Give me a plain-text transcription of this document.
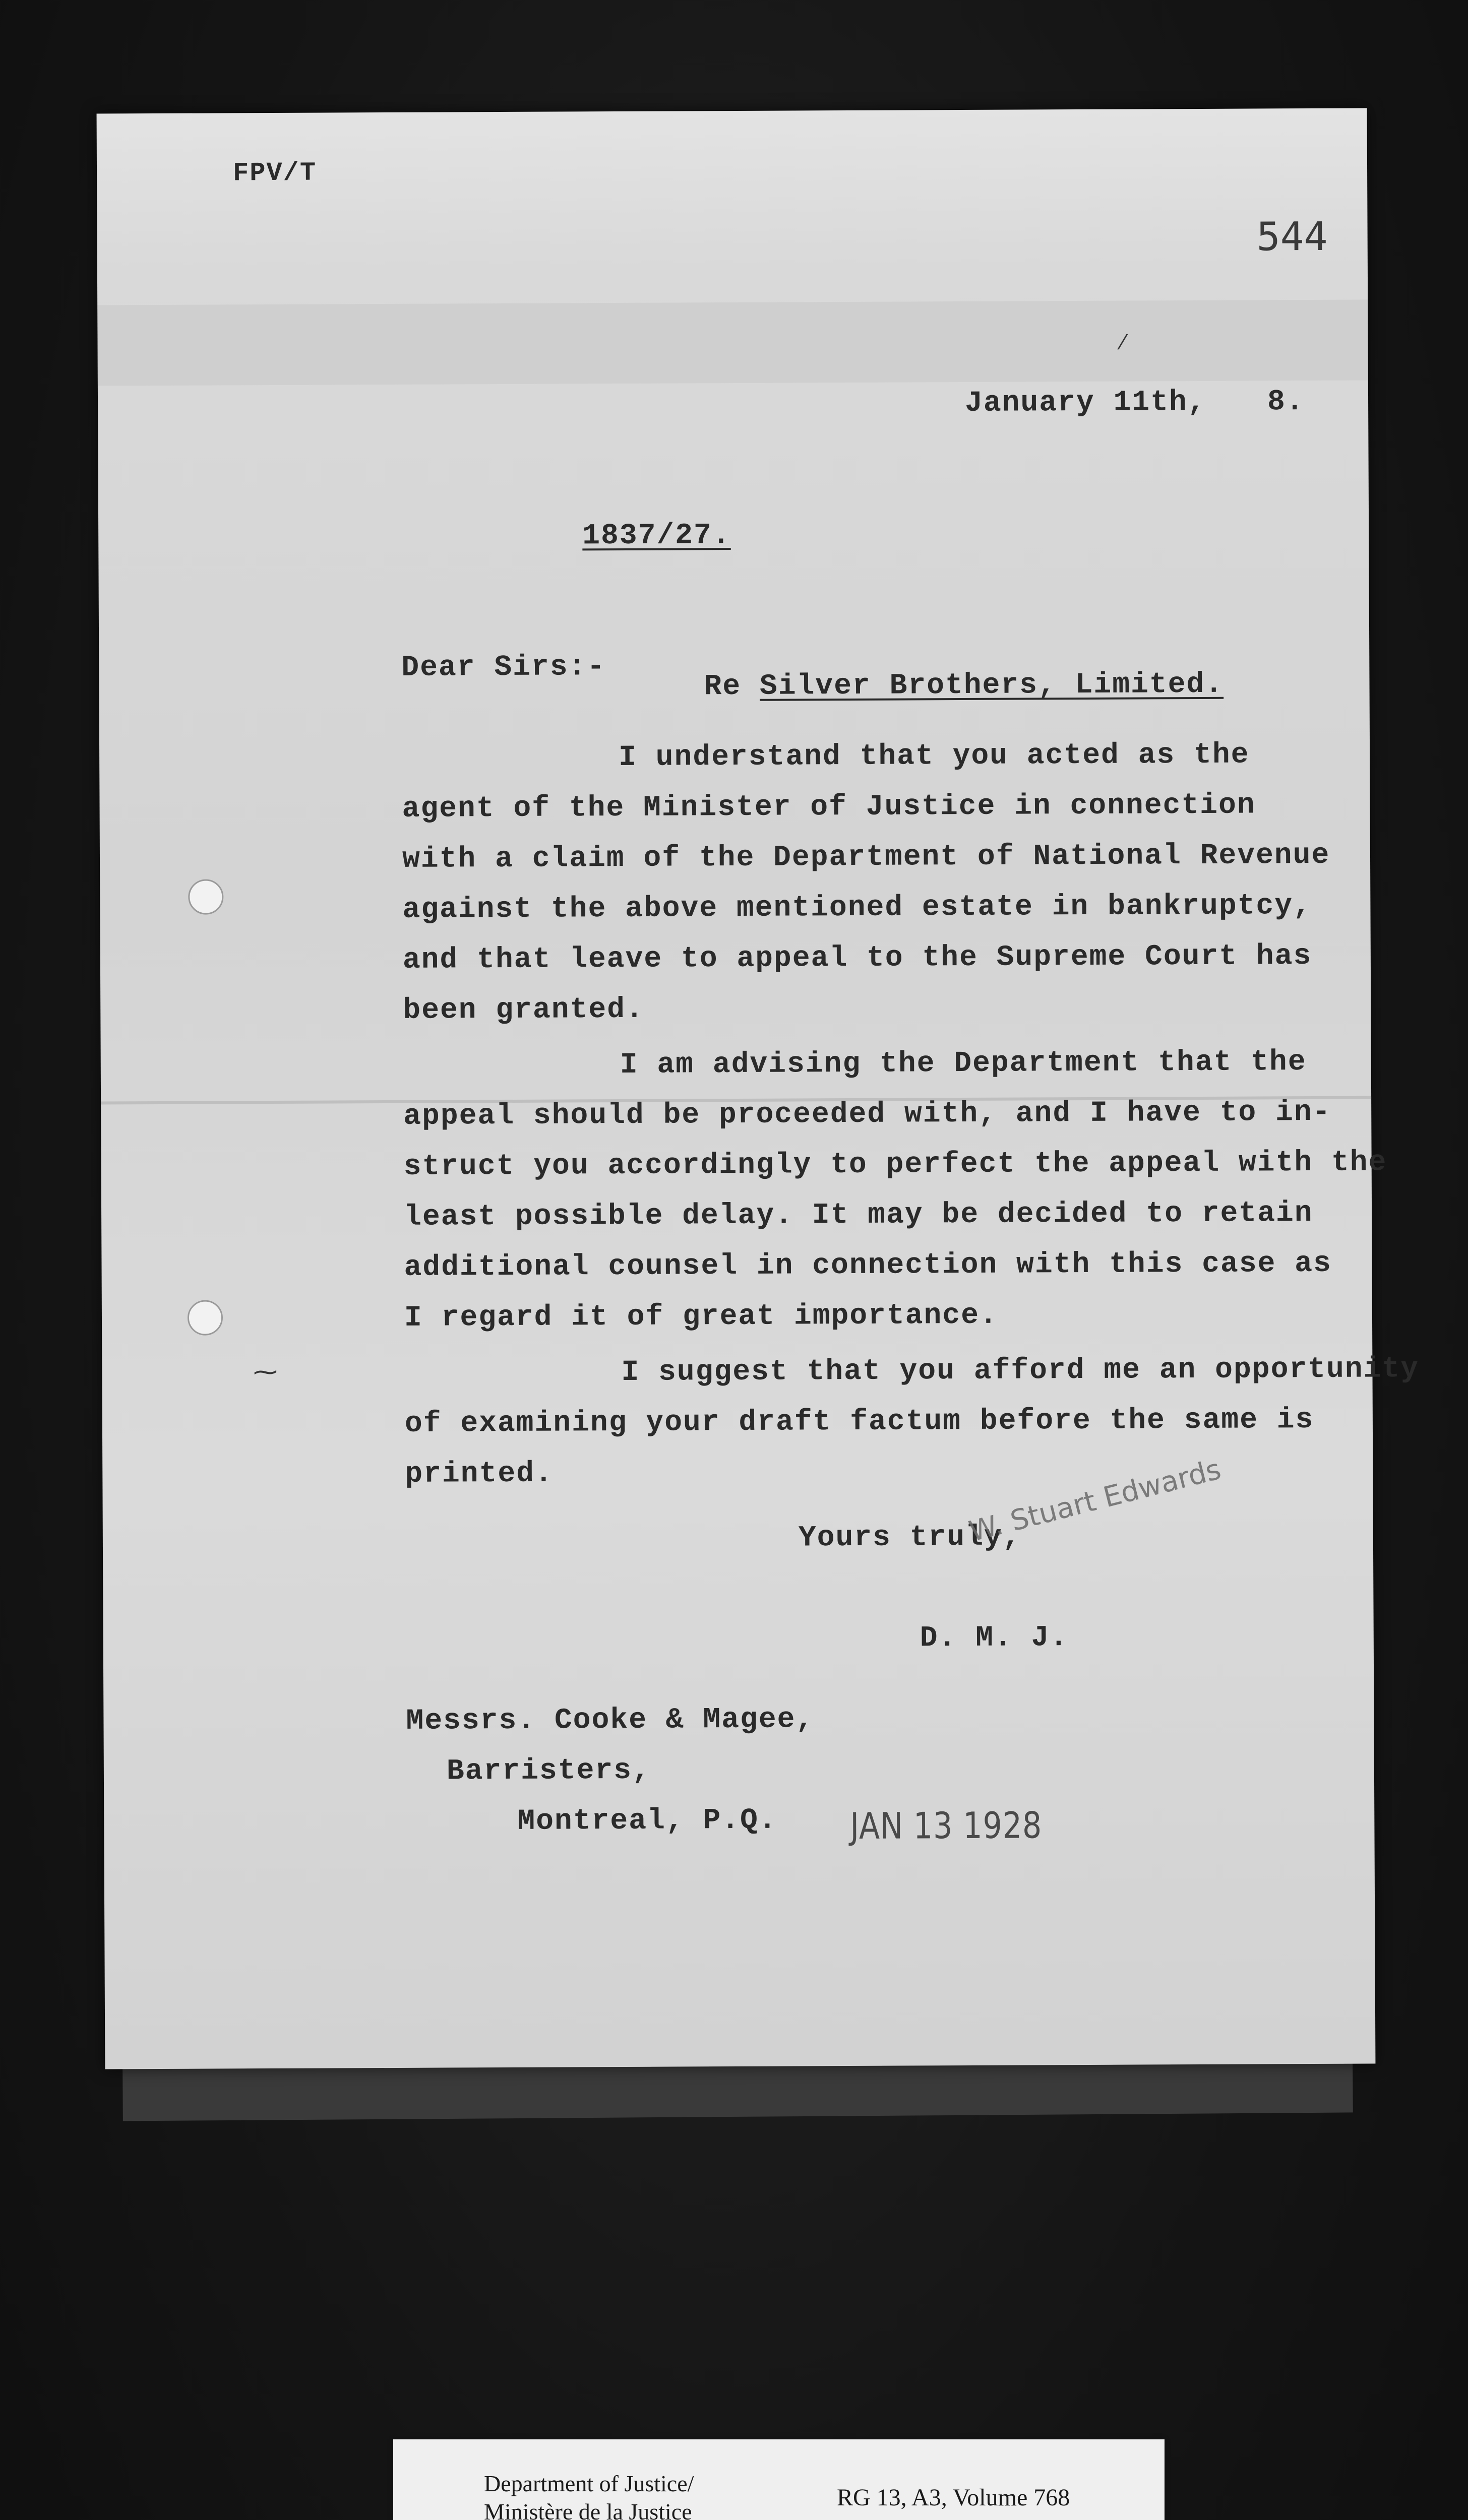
FPV/T
544
January 11th, 8.
1837/27.
Dear Sirs:-
Re Silver Brothers, Limited.
I understand that you acted as the
agent of the Minister of Justice in connection
with a claim of the Department of National Revenue
against the above mentioned estate in bankruptcy,
and that leave to appeal to the Supreme Court has
been granted.
I am advising the Department that the
appeal should be proceeded with, and I have to in-
struct you accordingly to perfect the appeal with the
least possible delay. It may be decided to retain
additional counsel in connection with this case as
I regard it of great importance.
I suggest that you afford me an opportunity
of examining your draft factum before the same is
printed.
Yours truly,
W. Stuart Edwards
D. M. J.
Messrs. Cooke & Magee,
Barristers,
Montreal, P.Q. JAN 13 1928
⁓
⁄
Department of Justice/
Ministère de la Justice
RG 13, A3, Volume 768
